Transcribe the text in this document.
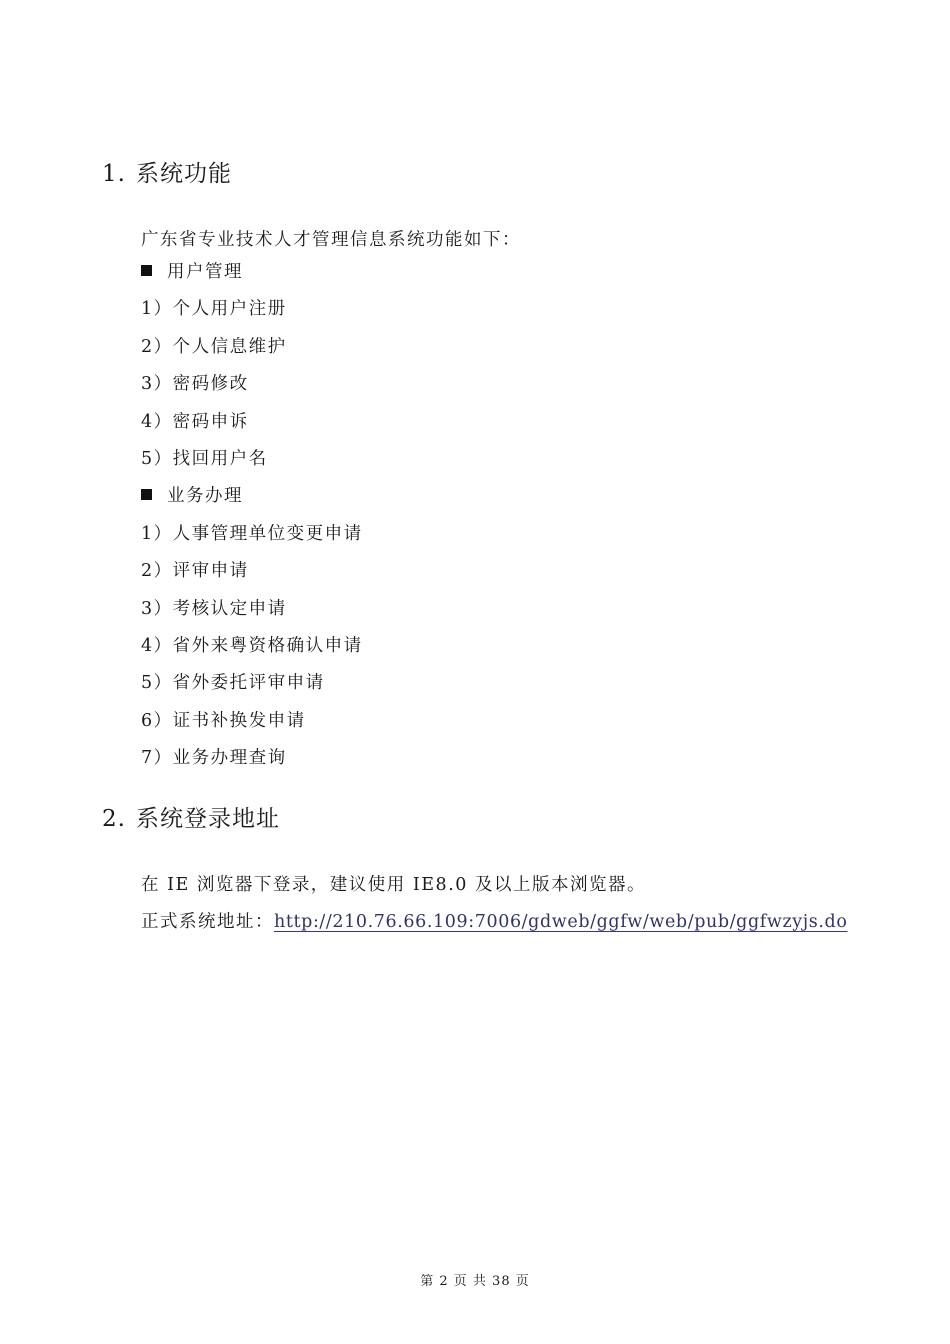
1. 系统功能
广东省专业技术人才管理信息系统功能如下：
用户管理
1）个人用户注册
2）个人信息维护
3）密码修改
4）密码申诉
5）找回用户名
业务办理
1）人事管理单位变更申请
2）评审申请
3）考核认定申请
4）省外来粤资格确认申请
5）省外委托评审申请
6）证书补换发申请
7）业务办理查询
2. 系统登录地址
在 IE 浏览器下登录，建议使用 IE8.0 及以上版本浏览器。
正式系统地址：http://210.76.66.109:7006/gdweb/ggfw/web/pub/ggfwzyjs.do
第 2 页 共 38 页
